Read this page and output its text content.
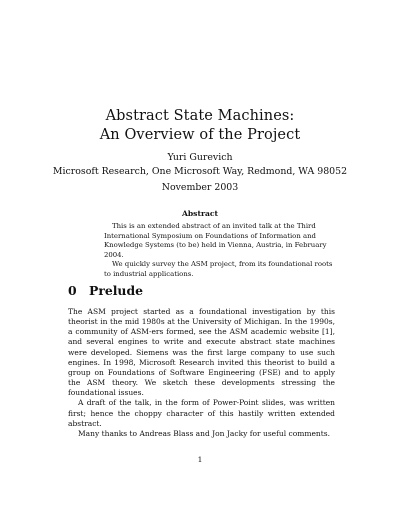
Abstract State Machines:
An Overview of the Project
Yuri Gurevich
Microsoft Research, One Microsoft Way, Redmond, WA 98052
November 2003
Abstract

This is an extended abstract of an invited talk at the Third International Symposium on Foundations of Information and Knowledge Systems (to be) held in Vienna, Austria, in February 2004.

We quickly survey the ASM project, from its foundational roots to industrial applications.

0 Prelude

The ASM project started as a foundational investigation by this theorist in the mid 1980s at the University of Michigan. In the 1990s, a community of ASM-ers formed, see the ASM academic website [1], and several engines to write and execute abstract state machines were developed. Siemens was the first large company to use such engines. In 1998, Microsoft Research invited this theorist to build a group on Foundations of Software Engineering (FSE) and to apply the ASM theory. We sketch these developments stressing the foundational issues.

A draft of the talk, in the form of Power-Point slides, was written first; hence the choppy character of this hastily written extended abstract.

Many thanks to Andreas Blass and Jon Jacky for useful comments.

1
